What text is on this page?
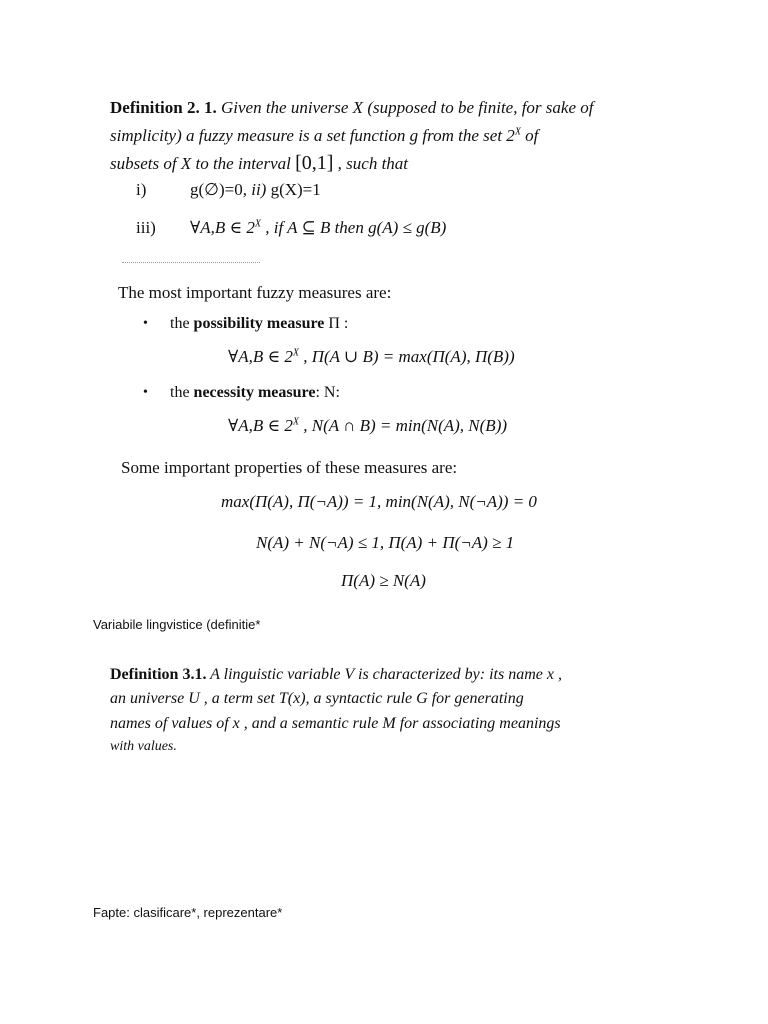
Definition 2. 1. Given the universe X (supposed to be finite, for sake of
simplicity) a fuzzy measure is a set function g from the set $2^X$ of
subsets of X to the interval [0,1] , such that
i)	g(∅)=0, ii) g(X)=1
iii) ∀A,B ∈ $2^X$ , if A ⊆ B then g(A) ≤ g(B)
The most important fuzzy measures are:
• the possibility measure Π :
∀A,B ∈ $2^X$ , Π(A ∪ B) = max(Π(A), Π(B))
• the necessity measure: N:
∀A,B ∈ $2^X$ , N(A ∩ B) = min(N(A), N(B))
Some important properties of these measures are:
max(Π(A), Π(¬A)) = 1, min(N(A), N(¬A)) = 0
N(A) + N(¬A) ≤ 1, Π(A) + Π(¬A) ≥ 1
Π(A) ≥ N(A)
Variabile lingvistice (definitie*
Definition 3.1. A linguistic variable V is characterized by: its name x ,
an universe U , a term set T(x), a syntactic rule G for generating
names of values of x , and a semantic rule M for associating meanings
with values.
Fapte: clasificare*, reprezentare*
